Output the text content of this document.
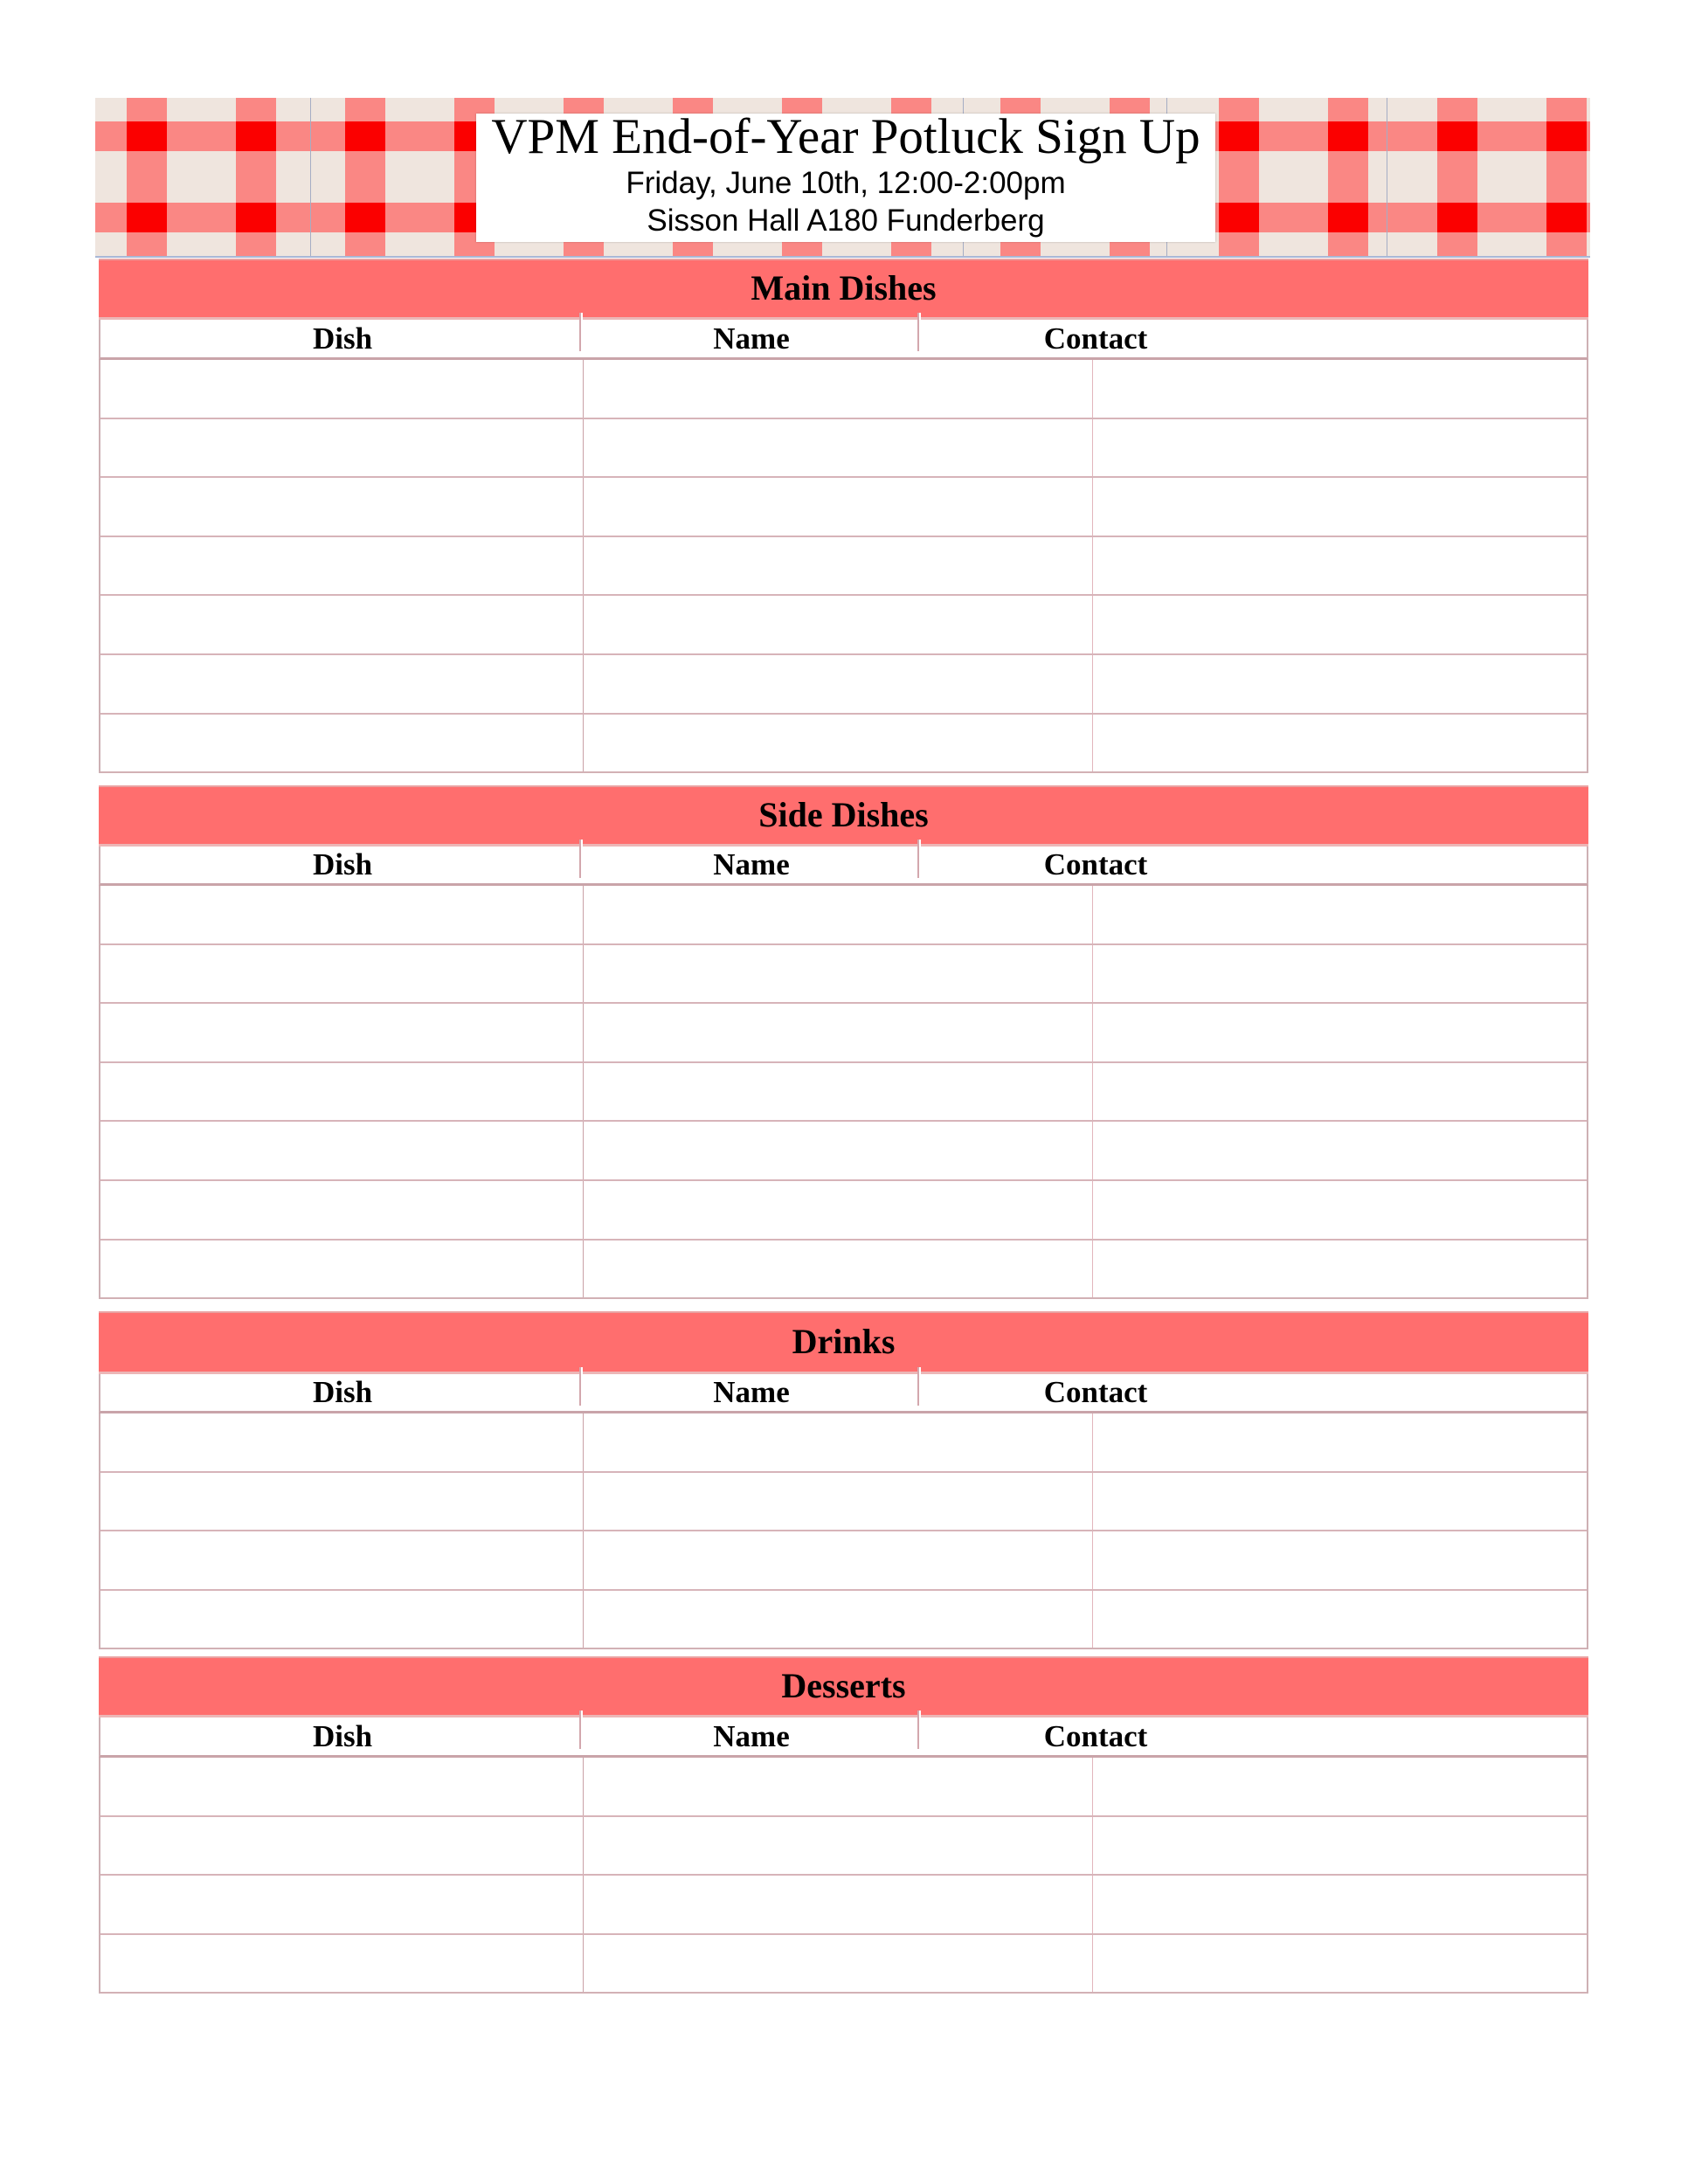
VPM End-of-Year Potluck Sign Up
Friday, June 10th, 12:00-2:00pm
Sisson Hall A180 Funderberg
Main Dishes
Dish	Name	Contact
Side Dishes
Dish	Name	Contact
Drinks
Dish	Name	Contact
Desserts
Dish	Name	Contact
